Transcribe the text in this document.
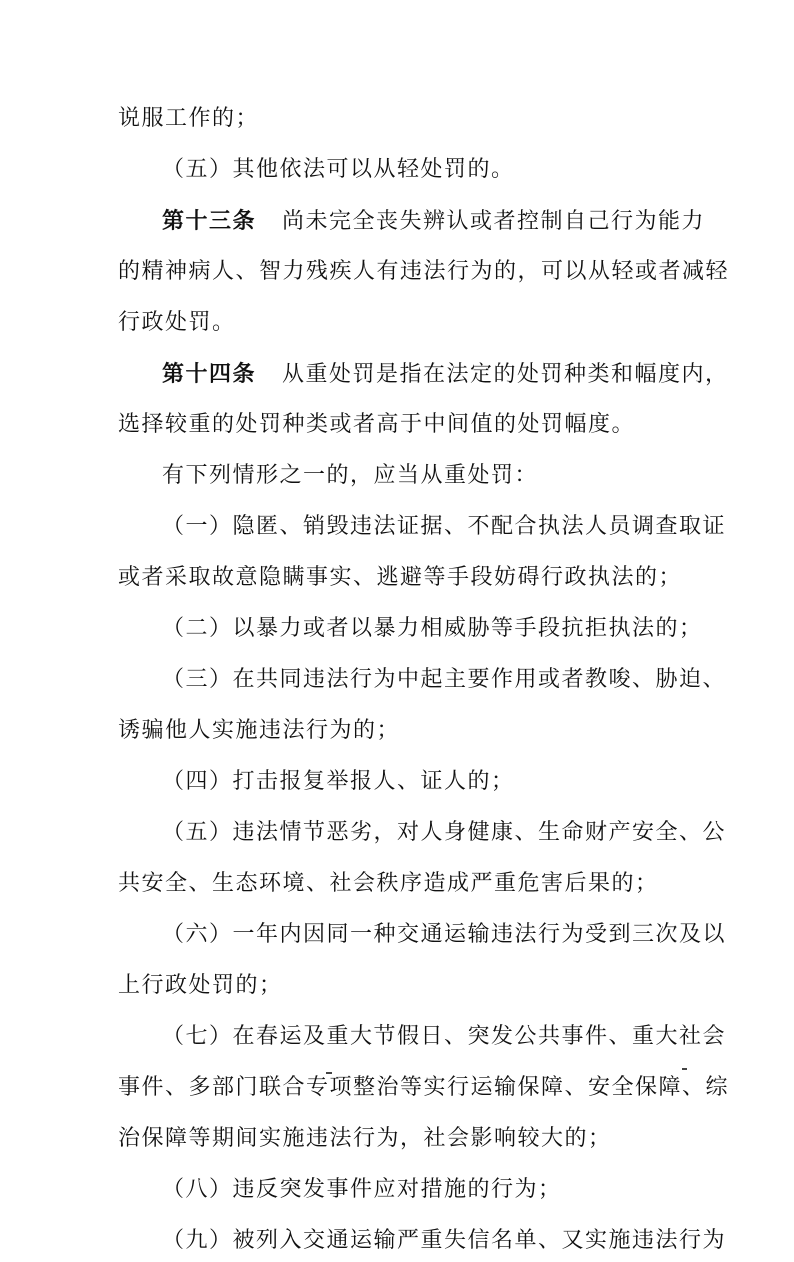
说服工作的；
（五）其他依法可以从轻处罚的。
第十三条 尚未完全丧失辨认或者控制自己行为能力
的精神病人、智力残疾人有违法行为的，可以从轻或者减轻
行政处罚。
第十四条 从重处罚是指在法定的处罚种类和幅度内，
选择较重的处罚种类或者高于中间值的处罚幅度。
有下列情形之一的，应当从重处罚：
（一）隐匿、销毁违法证据、不配合执法人员调查取证
或者采取故意隐瞒事实、逃避等手段妨碍行政执法的；
（二）以暴力或者以暴力相威胁等手段抗拒执法的；
（三）在共同违法行为中起主要作用或者教唆、胁迫、
诱骗他人实施违法行为的；
（四）打击报复举报人、证人的；
（五）违法情节恶劣，对人身健康、生命财产安全、公
共安全、生态环境、社会秩序造成严重危害后果的；
（六）一年内因同一种交通运输违法行为受到三次及以
上行政处罚的；
（七）在春运及重大节假日、突发公共事件、重大社会
事件、多部门联合专项整治等实行运输保障、安全保障、综
治保障等期间实施违法行为，社会影响较大的；
（八）违反突发事件应对措施的行为；
（九）被列入交通运输严重失信名单、又实施违法行为
